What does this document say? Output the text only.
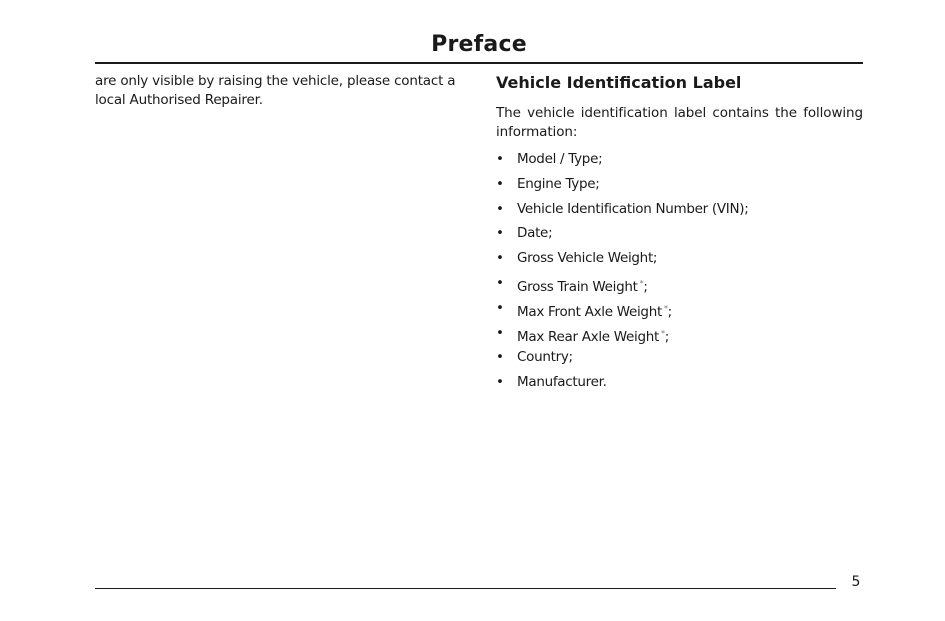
Preface
are only visible by raising the vehicle, please contact a local Authorised Repairer.
Vehicle Identification Label
The vehicle identification label contains the following information:
• Model / Type;
• Engine Type;
• Vehicle Identification Number (VIN);
• Date;
• Gross Vehicle Weight;
• Gross Train Weight *;
• Max Front Axle Weight *;
• Max Rear Axle Weight *;
• Country;
• Manufacturer.
5
